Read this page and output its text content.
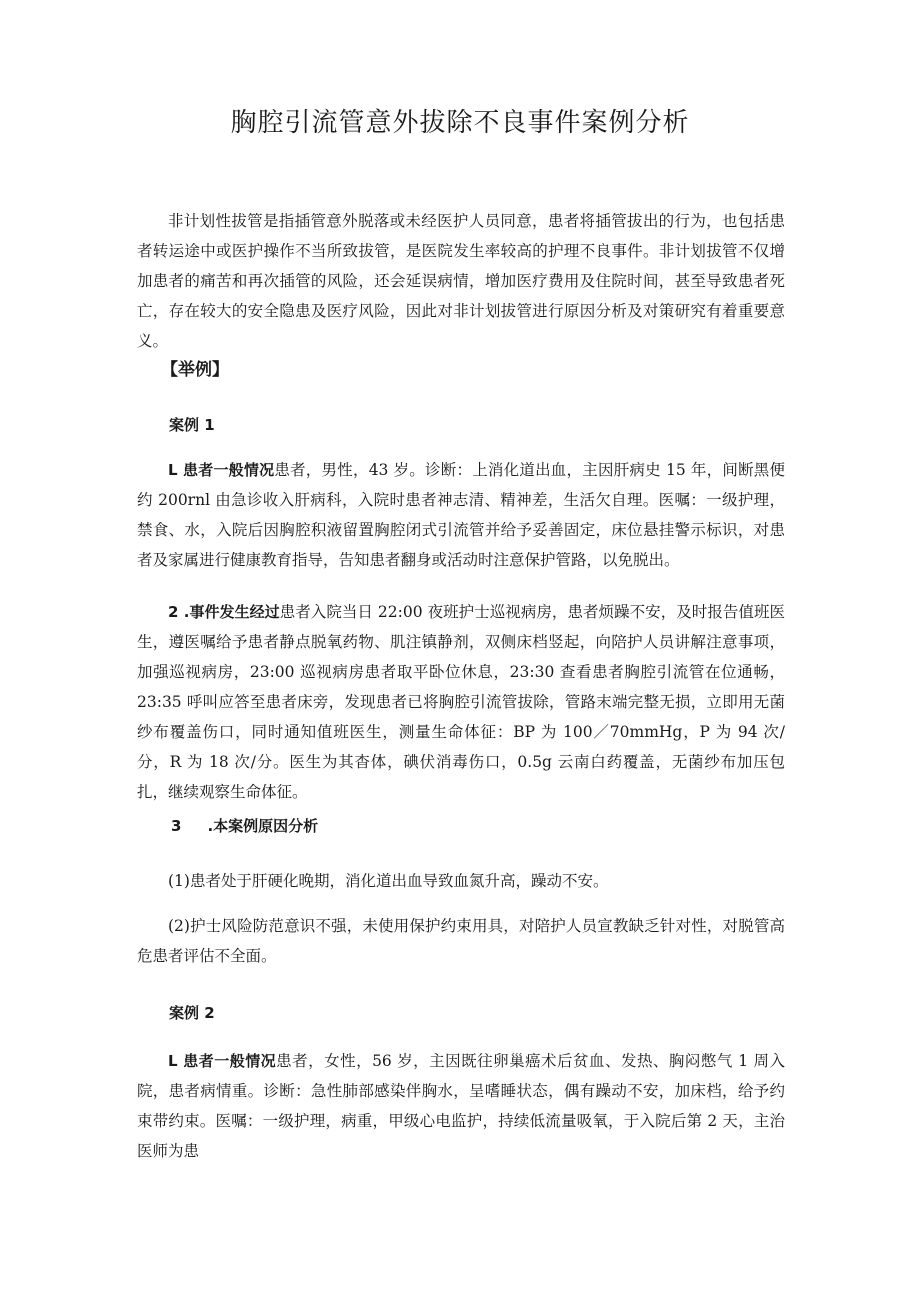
胸腔引流管意外拔除不良事件案例分析
非计划性拔管是指插管意外脱落或未经医护人员同意，患者将插管拔出的行为，也包括患者转运途中或医护操作不当所致拔管，是医院发生率较高的护理不良事件。非计划拔管不仅增加患者的痛苦和再次插管的风险，还会延误病情，增加医疗费用及住院时间，甚至导致患者死亡，存在较大的安全隐患及医疗风险，因此对非计划拔管进行原因分析及对策研究有着重要意义。
【举例】
案例 1
L 患者一般情况患者，男性，43 岁。诊断：上消化道出血，主因肝病史 15 年，间断黑便约 200rnl 由急诊收入肝病科，入院时患者神志清、精神差，生活欠自理。医嘱：一级护理，禁食、水，入院后因胸腔积液留置胸腔闭式引流管并给予妥善固定，床位悬挂警示标识，对患者及家属进行健康教育指导，告知患者翻身或活动时注意保护管路，以免脱出。
2 .事件发生经过患者入院当日 22:00 夜班护士巡视病房，患者烦躁不安，及时报告值班医生，遵医嘱给予患者静点脱氧药物、肌注镇静剂，双侧床档竖起，向陪护人员讲解注意事项，加强巡视病房，23:00 巡视病房患者取平卧位休息，23:30 查看患者胸腔引流管在位通畅，23:35 呼叫应答至患者床旁，发现患者已将胸腔引流管拔除，管路末端完整无损，立即用无菌纱布覆盖伤口，同时通知值班医生，测量生命体征：BP 为 100／70mmHg，P 为 94 次/分，R 为 18 次/分。医生为其杳体，碘伏消毒伤口，0.5g 云南白药覆盖，无菌纱布加压包扎，继续观察生命体征。
3 .本案例原因分析
(1)患者处于肝硬化晚期，消化道出血导致血氮升高，躁动不安。
(2)护士风险防范意识不强，未使用保护约束用具，对陪护人员宣教缺乏针对性，对脱管高危患者评估不全面。
案例 2
L 患者一般情况患者，女性，56 岁，主因既往卵巢癌术后贫血、发热、胸闷憋气 1 周入院，患者病情重。诊断：急性肺部感染伴胸水，呈嗜睡状态，偶有躁动不安，加床档，给予约束带约束。医嘱：一级护理，病重，甲级心电监护，持续低流量吸氧，于入院后第 2 天，主治医师为患
